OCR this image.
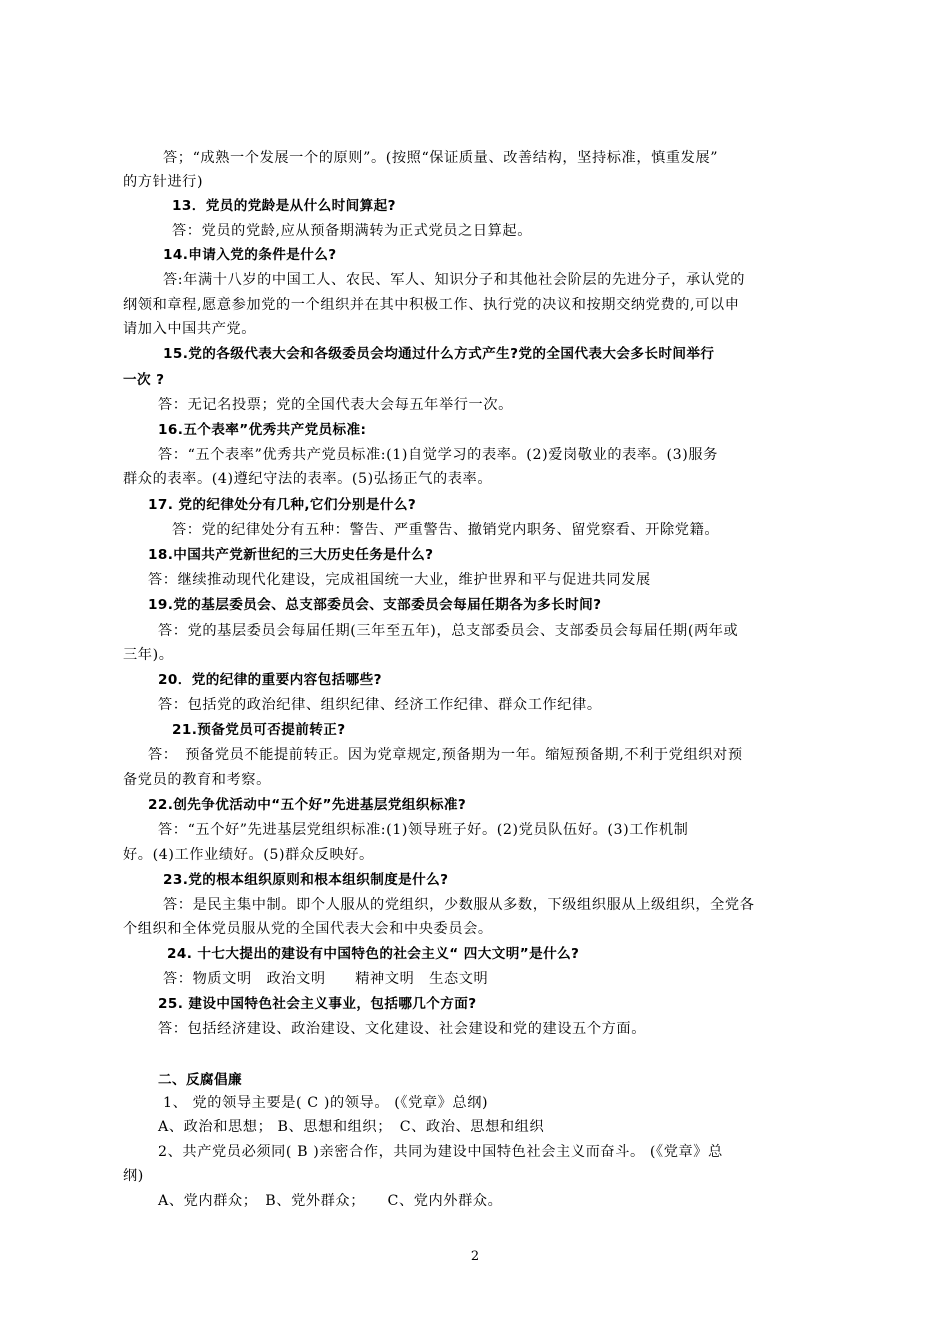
答；“成熟一个发展一个的原则”。(按照“保证质量、改善结构，坚持标准，慎重发展”
的方针进行)
13．党员的党龄是从什么时间算起?
答：党员的党龄,应从预备期满转为正式党员之日算起。
14.申请入党的条件是什么?
答:年满十八岁的中国工人、农民、军人、知识分子和其他社会阶层的先进分子，承认党的
纲领和章程,愿意参加党的一个组织并在其中积极工作、执行党的决议和按期交纳党费的,可以申
请加入中国共产党。
15.党的各级代表大会和各级委员会均通过什么方式产生?党的全国代表大会多长时间举行
一次 ?
答：无记名投票；党的全国代表大会每五年举行一次。
16.五个表率”优秀共产党员标准:
答：“五个表率”优秀共产党员标准:(1)自觉学习的表率。(2)爱岗敬业的表率。(3)服务
群众的表率。(4)遵纪守法的表率。(5)弘扬正气的表率。
17. 党的纪律处分有几种,它们分别是什么?
答：党的纪律处分有五种：警告、严重警告、撤销党内职务、留党察看、开除党籍。
18.中国共产党新世纪的三大历史任务是什么?
答：继续推动现代化建设，完成祖国统一大业，维护世界和平与促进共同发展
19.党的基层委员会、总支部委员会、支部委员会每届任期各为多长时间?
答：党的基层委员会每届任期(三年至五年)，总支部委员会、支部委员会每届任期(两年或
三年)。
20．党的纪律的重要内容包括哪些?
答：包括党的政治纪律、组织纪律、经济工作纪律、群众工作纪律。
21.预备党员可否提前转正?
答：　预备党员不能提前转正。因为党章规定,预备期为一年。缩短预备期,不利于党组织对预
备党员的教育和考察。
22.创先争优活动中“五个好”先进基层党组织标准?
答：“五个好”先进基层党组织标准:(1)领导班子好。(2)党员队伍好。(3)工作机制
好。(4)工作业绩好。(5)群众反映好。
23.党的根本组织原则和根本组织制度是什么?
答：是民主集中制。即个人服从的党组织，少数服从多数，下级组织服从上级组织，全党各
个组织和全体党员服从党的全国代表大会和中央委员会。
24. 十七大提出的建设有中国特色的社会主义“ 四大文明”是什么?
答：物质文明　政治文明　　精神文明　生态文明
25. 建设中国特色社会主义事业，包括哪几个方面?
答：包括经济建设、政治建设、文化建设、社会建设和党的建设五个方面。
二、反腐倡廉
1、 党的领导主要是( C )的领导。 (《党章》总纲)
A、政治和思想； B、思想和组织；　C、政治、思想和组织
2、共产党员必须同( B )亲密合作，共同为建设中国特色社会主义而奋斗。 (《党章》总
纲)
A、党内群众；　B、党外群众；　　C、党内外群众。
2
